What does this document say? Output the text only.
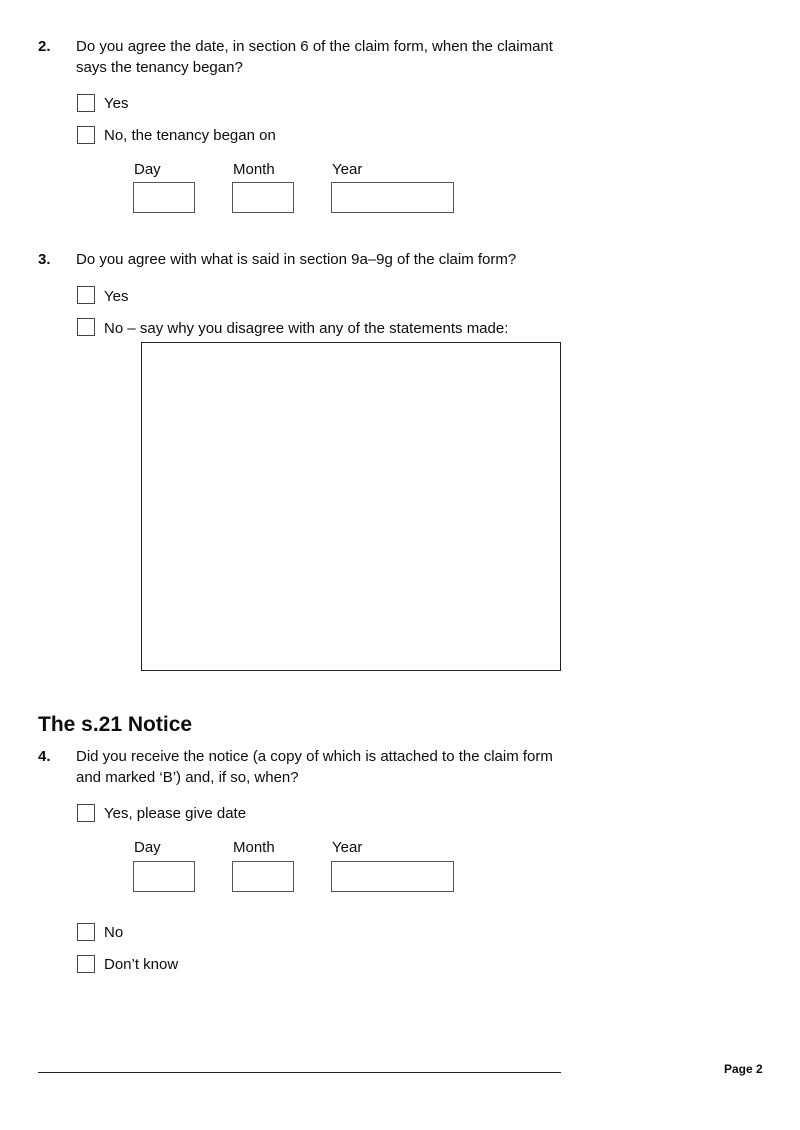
2. Do you agree the date, in section 6 of the claim form, when the claimant says the tenancy began?
Yes
No, the tenancy began on
Day	Month	Year
3. Do you agree with what is said in section 9a–9g of the claim form?
Yes
No – say why you disagree with any of the statements made:
The s.21 Notice
4. Did you receive the notice (a copy of which is attached to the claim form and marked ‘B’) and, if so, when?
Yes, please give date
Day	Month	Year
No
Don’t know
Page 2
